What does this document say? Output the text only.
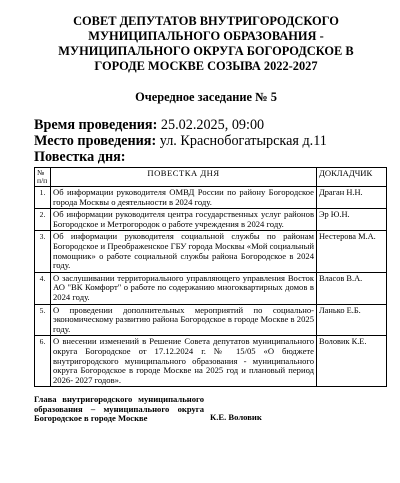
СОВЕТ ДЕПУТАТОВ ВНУТРИГОРОДСКОГО
МУНИЦИПАЛЬНОГО ОБРАЗОВАНИЯ -
МУНИЦИПАЛЬНОГО ОКРУГА БОГОРОДСКОЕ В
ГОРОДЕ МОСКВЕ СОЗЫВА 2022-2027
Очередное заседание № 5
Время проведения: 25.02.2025, 09:00
Место проведения: ул. Краснобогатырская д.11
Повестка дня:
№ п/п	ПОВЕСТКА ДНЯ	ДОКЛАДЧИК
1.	Об информации руководителя ОМВД России по району Богородское города Москвы о деятельности в 2024 году.	Драган Н.Н.
2.	Об информации руководителя центра государственных услуг районов Богородское и Метрогородок о работе учреждения в 2024 году.	Эр Ю.Н.
3.	Об информации руководителя социальной службы по районам Богородское и Преображенское ГБУ города Москвы «Мой социальный помощник» о работе социальной службы района Богородское в 2024 году.	Нестерова М.А.
4.	О заслушивании территориального управляющего управления Восток АО "ВК Комфорт" о работе по содержанию многоквартирных домов в 2024 году.	Власов В.А.
5.	О проведении дополнительных мероприятий по социально-экономическому развитию района Богородское в городе Москве в 2025 году.	Ланько Е.Б.
6.	О внесении изменений в Решение Совета депутатов муниципального округа Богородское от 17.12.2024 г. № 15/05 «О бюджете внутригородского муниципального образования - муниципального округа Богородское в городе Москве на 2025 год и плановый период 2026- 2027 годов».	Воловик К.Е.
Глава внутригородского муниципального образования – муниципального округа Богородское в городе Москве	К.Е. Воловик
